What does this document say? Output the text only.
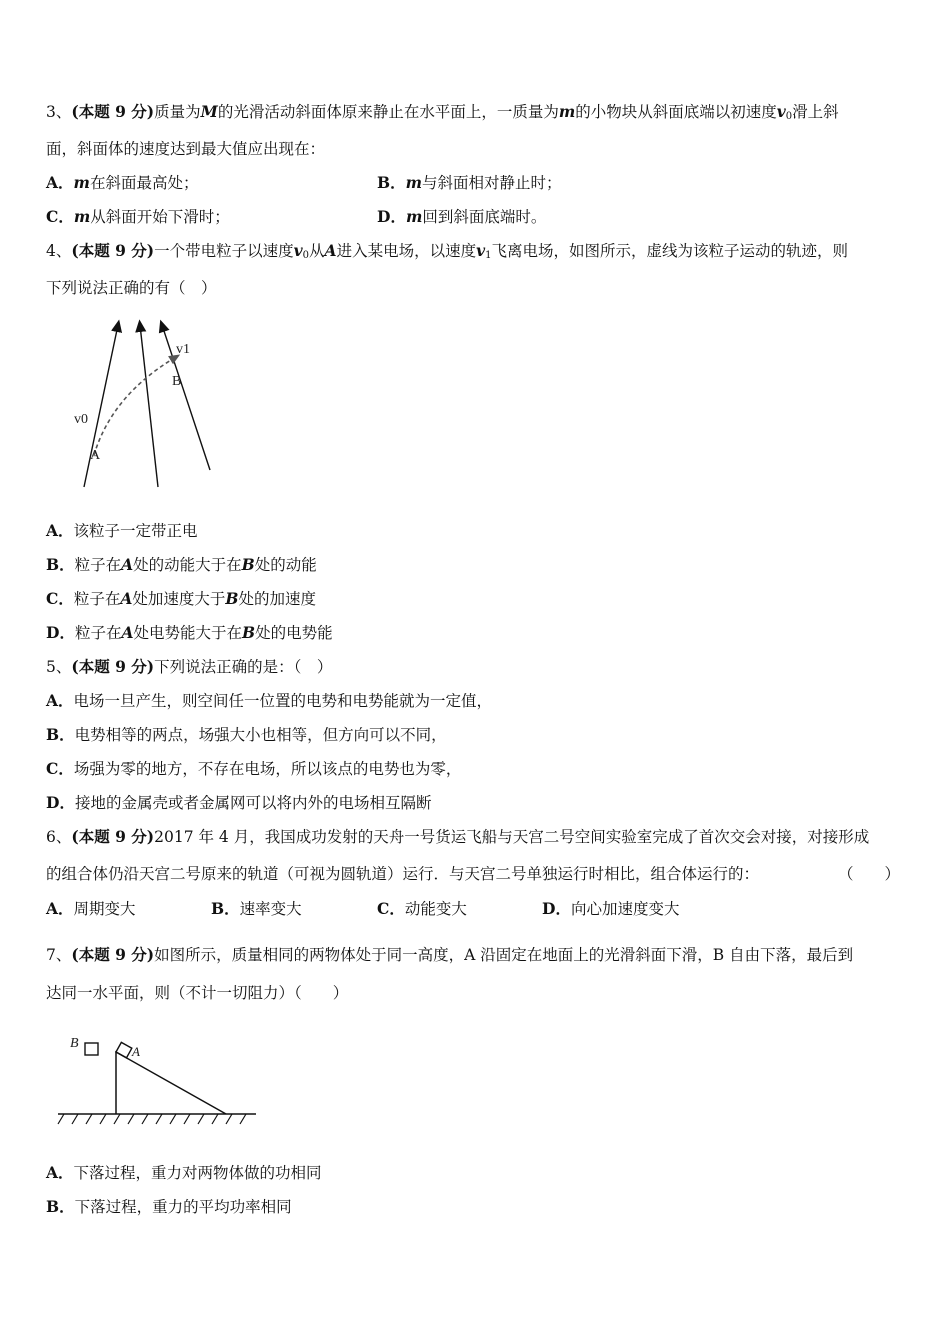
3、(本题 9 分)质量为M的光滑活动斜面体原来静止在水平面上，一质量为m的小物块从斜面底端以初速度$v_0$滑上斜
面，斜面体的速度达到最大值应出现在：
A．m在斜面最高处；	B．m与斜面相对静止时；
C．m从斜面开始下滑时；	D．m回到斜面底端时。
4、(本题 9 分)一个带电粒子以速度$v_0$从A进入某电场，以速度$v_1$飞离电场，如图所示，虚线为该粒子运动的轨迹，则
下列说法正确的有（　）
v0
v1
A
B
A．该粒子一定带正电
B．粒子在A处的动能大于在B处的动能
C．粒子在A处加速度大于B处的加速度
D．粒子在A处电势能大于在B处的电势能
5、(本题 9 分)下列说法正确的是：（　）
A．电场一旦产生，则空间任一位置的电势和电势能就为一定值，
B．电势相等的两点，场强大小也相等，但方向可以不同，
C．场强为零的地方，不存在电场，所以该点的电势也为零，
D．接地的金属壳或者金属网可以将内外的电场相互隔断
6、(本题 9 分)2017 年 4 月，我国成功发射的天舟一号货运飞船与天宫二号空间实验室完成了首次交会对接，对接形成
的组合体仍沿天宫二号原来的轨道（可视为圆轨道）运行．与天宫二号单独运行时相比，组合体运行的：	（　　）
A．周期变大	B．速率变大	C．动能变大	D．向心加速度变大
7、(本题 9 分)如图所示，质量相同的两物体处于同一高度，A 沿固定在地面上的光滑斜面下滑，B 自由下落，最后到
达同一水平面，则（不计一切阻力）（　　）
B
A
A．下落过程，重力对两物体做的功相同
B．下落过程，重力的平均功率相同
